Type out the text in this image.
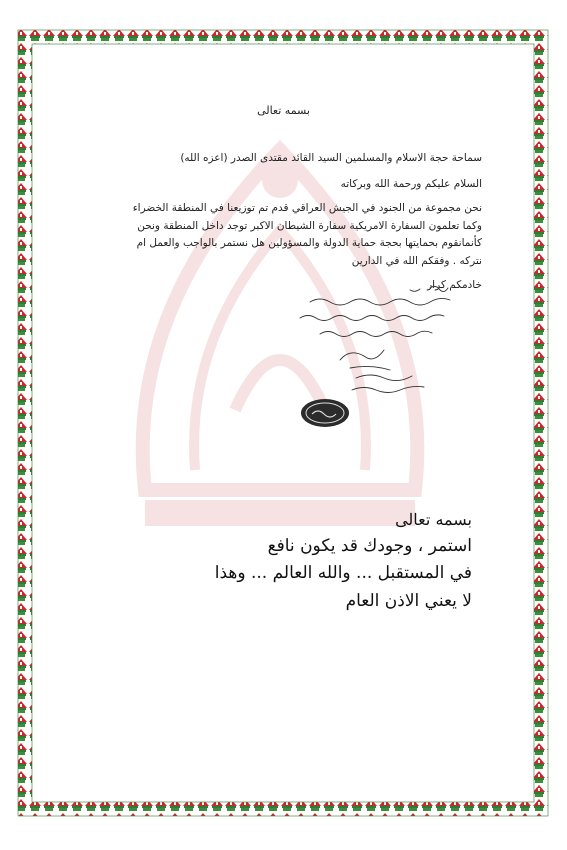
بسمه تعالى
سماحة حجة الاسلام والمسلمين السيد القائد مقتدى الصدر (اعزه الله)
السلام عليكم ورحمة الله وبركاته
نحن مجموعة من الجنود في الجيش العراقي قدم تم توزيعنا في المنطقة الخضراء
وكما تعلمون السفارة الامريكية سفارة الشيطان الاكبر توجد داخل المنطقة ونحن
كأنمانقوم بحمايتها بحجة حماية الدولة والمسؤولين هل نستمر بالواجب والعمل ام
نتركه . وفقكم الله في الدارين
خادمكم كرار
بسمه تعالى
استمر ، وجودك قد يكون نافع
في المستقبل ... والله العالم ... وهذا
لا يعني الاذن العام
